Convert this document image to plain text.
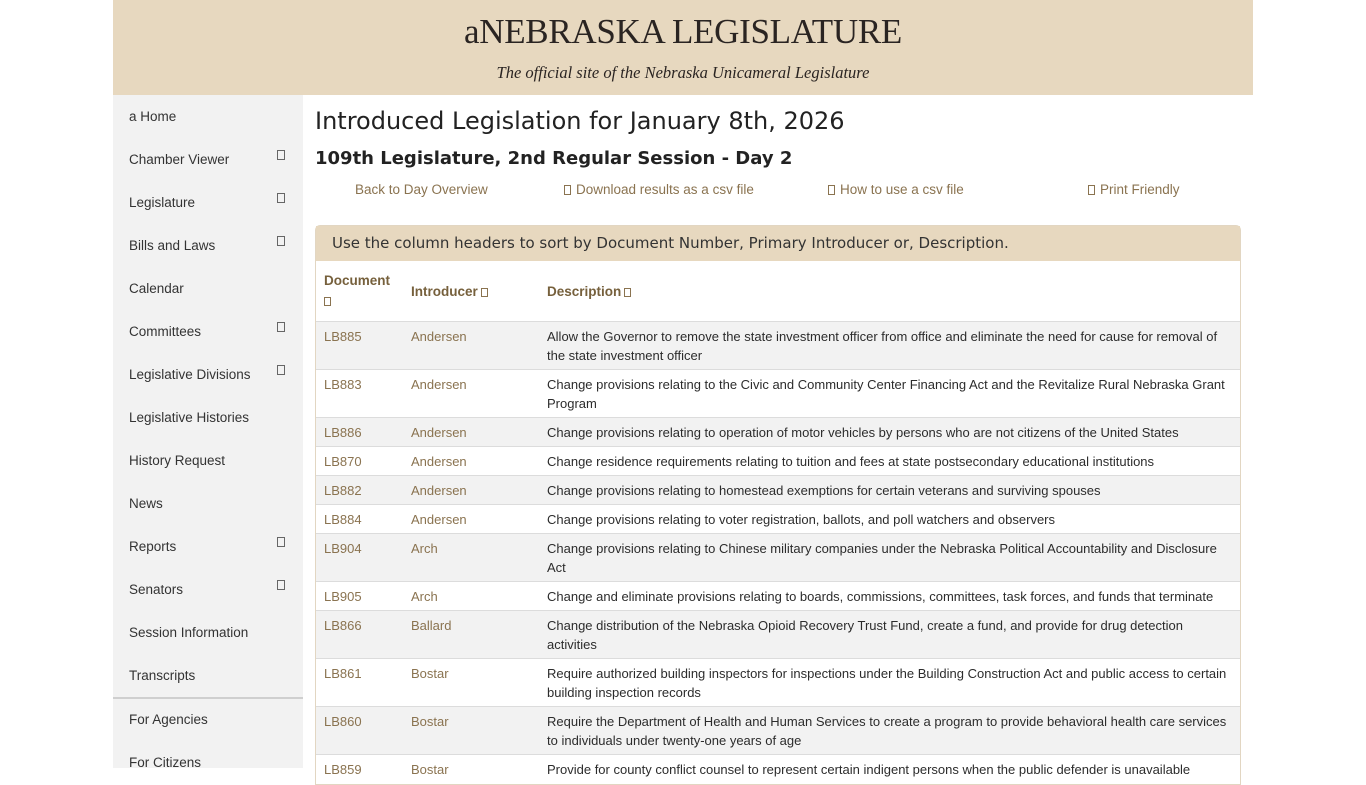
aNEBRASKA LEGISLATURE
The official site of the Nebraska Unicameral Legislature
a Home
Chamber Viewer
Legislature
Bills and Laws
Calendar
Committees
Legislative Divisions
Legislative Histories
History Request
News
Reports
Senators
Session Information
Transcripts
For Agencies
For Citizens
Introduced Legislation for January 8th, 2026
109th Legislature, 2nd Regular Session - Day 2
Back to Day Overview	Download results as a csv file	How to use a csv file	Print Friendly
Use the column headers to sort by Document Number, Primary Introducer or, Description.
Document	Introducer	Description
LB885	Andersen	Allow the Governor to remove the state investment officer from office and eliminate the need for cause for removal of the state investment officer
LB883	Andersen	Change provisions relating to the Civic and Community Center Financing Act and the Revitalize Rural Nebraska Grant Program
LB886	Andersen	Change provisions relating to operation of motor vehicles by persons who are not citizens of the United States
LB870	Andersen	Change residence requirements relating to tuition and fees at state postsecondary educational institutions
LB882	Andersen	Change provisions relating to homestead exemptions for certain veterans and surviving spouses
LB884	Andersen	Change provisions relating to voter registration, ballots, and poll watchers and observers
LB904	Arch	Change provisions relating to Chinese military companies under the Nebraska Political Accountability and Disclosure Act
LB905	Arch	Change and eliminate provisions relating to boards, commissions, committees, task forces, and funds that terminate
LB866	Ballard	Change distribution of the Nebraska Opioid Recovery Trust Fund, create a fund, and provide for drug detection activities
LB861	Bostar	Require authorized building inspectors for inspections under the Building Construction Act and public access to certain building inspection records
LB860	Bostar	Require the Department of Health and Human Services to create a program to provide behavioral health care services to individuals under twenty-one years of age
LB859	Bostar	Provide for county conflict counsel to represent certain indigent persons when the public defender is unavailable
